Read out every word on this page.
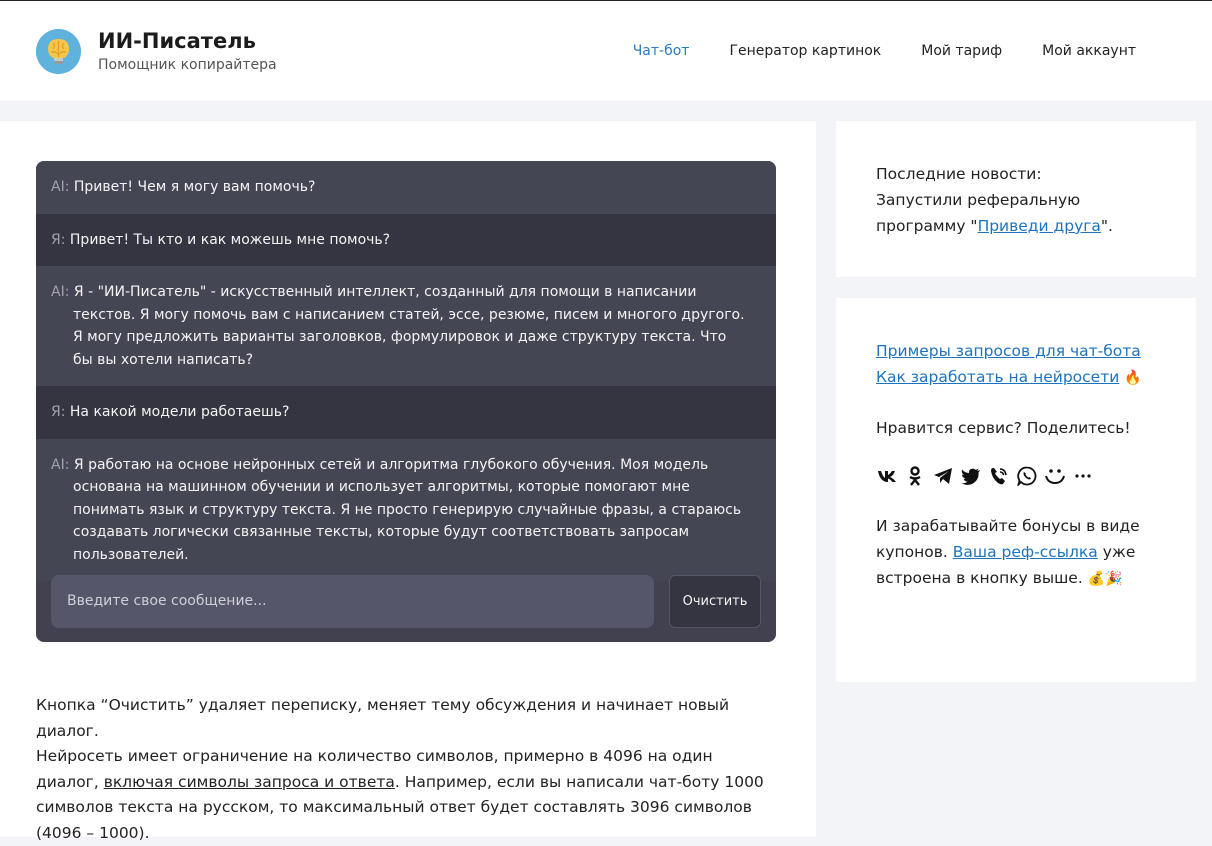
ИИ-Писатель
Помощник копирайтера
Чат-бот	Генератор картинок	Мой тариф	Мой аккаунт
AI: Привет! Чем я могу вам помочь?
Я: Привет! Ты кто и как можешь мне помочь?
AI: Я - "ИИ-Писатель" - искусственный интеллект, созданный для помощи в написании текстов. Я могу помочь вам с написанием статей, эссе, резюме, писем и многого другого. Я могу предложить варианты заголовков, формулировок и даже структуру текста. Что бы вы хотели написать?
Я: На какой модели работаешь?
AI: Я работаю на основе нейронных сетей и алгоритма глубокого обучения. Моя модель основана на машинном обучении и использует алгоритмы, которые помогают мне понимать язык и структуру текста. Я не просто генерирую случайные фразы, а стараюсь создавать логически связанные тексты, которые будут соответствовать запросам пользователей.
Введите свое сообщение...	Очистить

Кнопка “Очистить” удаляет переписку, меняет тему обсуждения и начинает новый диалог.

Нейросеть имеет ограничение на количество символов, примерно в 4096 на один диалог, включая символы запроса и ответа. Например, если вы написали чат-боту 1000 символов текста на русском, то максимальный ответ будет составлять 3096 символов (4096 – 1000).

Последние новости:
Запустили реферальную программу "Приведи друга".
Примеры запросов для чат-бота
Как заработать на нейросети 🔥
Нравится сервис? Поделитесь!
И зарабатывайте бонусы в виде купонов. Ваша реф-ссылка уже встроена в кнопку выше. 💰🎉
